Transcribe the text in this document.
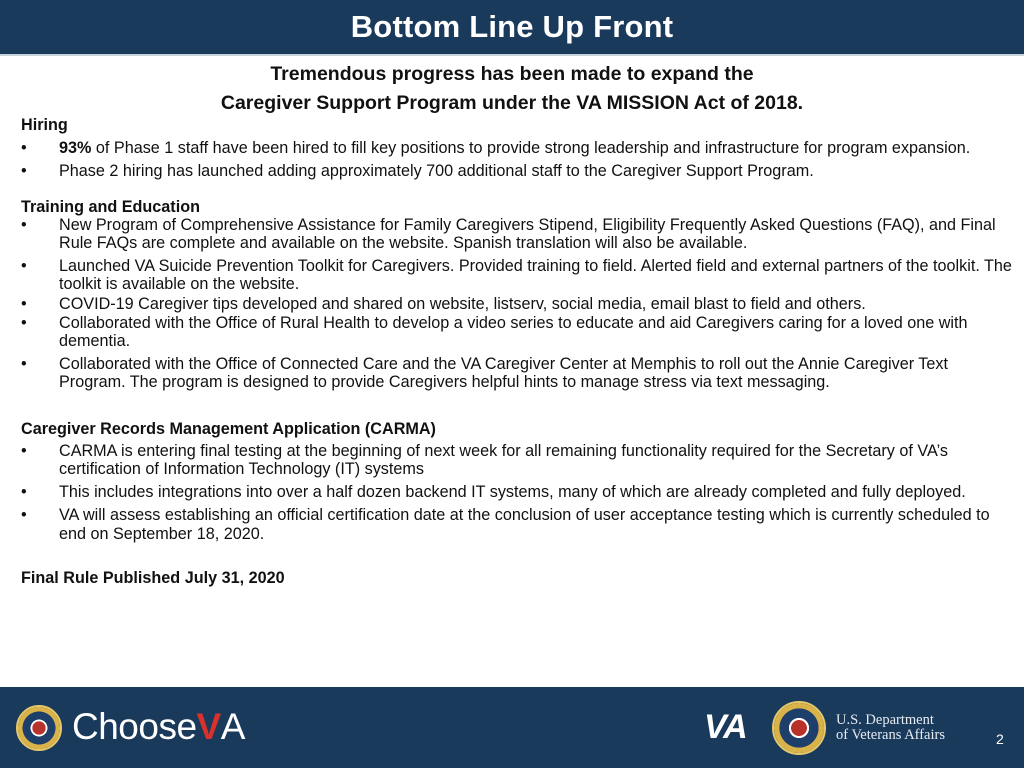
Bottom Line Up Front
Tremendous progress has been made to expand the
Caregiver Support Program under the VA MISSION Act of 2018.
Hiring
• 93% of Phase 1 staff have been hired to fill key positions to provide strong leadership and infrastructure for program expansion.
• Phase 2 hiring has launched adding approximately 700 additional staff to the Caregiver Support Program.
Training and Education
• New Program of Comprehensive Assistance for Family Caregivers Stipend, Eligibility Frequently Asked Questions (FAQ), and Final Rule FAQs are complete and available on the website. Spanish translation will also be available.
• Launched VA Suicide Prevention Toolkit for Caregivers. Provided training to field. Alerted field and external partners of the toolkit. The toolkit is available on the website.
• COVID-19 Caregiver tips developed and shared on website, listserv, social media, email blast to field and others.
• Collaborated with the Office of Rural Health to develop a video series to educate and aid Caregivers caring for a loved one with dementia.
• Collaborated with the Office of Connected Care and the VA Caregiver Center at Memphis to roll out the Annie Caregiver Text Program. The program is designed to provide Caregivers helpful hints to manage stress via text messaging.
Caregiver Records Management Application (CARMA)
• CARMA is entering final testing at the beginning of next week for all remaining functionality required for the Secretary of VA’s certification of Information Technology (IT) systems
• This includes integrations into over a half dozen backend IT systems, many of which are already completed and fully deployed.
• VA will assess establishing an official certification date at the conclusion of user acceptance testing which is currently scheduled to end on September 18, 2020.
Final Rule Published July 31, 2020
ChooseVA	VA	U.S. Department
of Veterans Affairs	2
